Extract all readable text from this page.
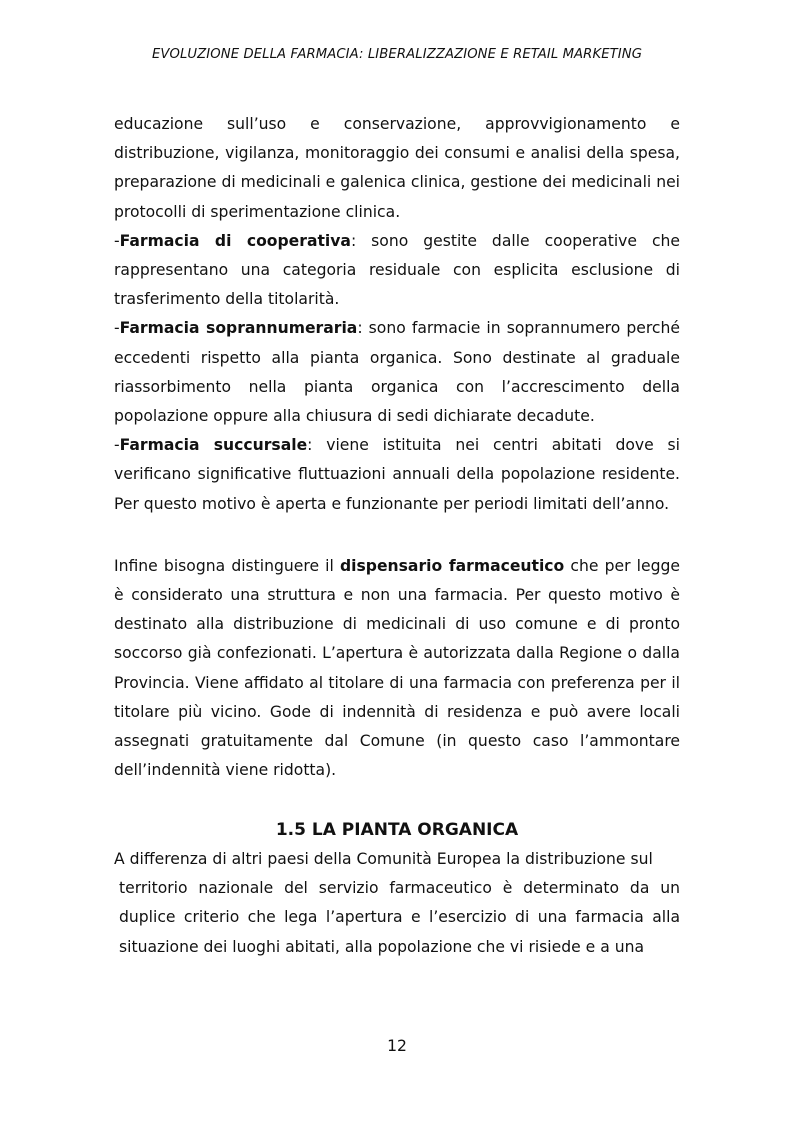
EVOLUZIONE DELLA FARMACIA: LIBERALIZZAZIONE E RETAIL MARKETING

educazione sull’uso e conservazione, approvvigionamento e distribuzione, vigilanza, monitoraggio dei consumi e analisi della spesa, preparazione di medicinali e galenica clinica, gestione dei medicinali nei protocolli di sperimentazione clinica.

-Farmacia di cooperativa: sono gestite dalle cooperative che rappresentano una categoria residuale con esplicita esclusione di trasferimento della titolarità.

-Farmacia soprannumeraria: sono farmacie in soprannumero perché eccedenti rispetto alla pianta organica. Sono destinate al graduale riassorbimento nella pianta organica con l’accrescimento della popolazione oppure alla chiusura di sedi dichiarate decadute.

-Farmacia succursale: viene istituita nei centri abitati dove si verificano significative fluttuazioni annuali della popolazione residente. Per questo motivo è aperta e funzionante per periodi limitati dell’anno.

Infine bisogna distinguere il dispensario farmaceutico che per legge è considerato una struttura e non una farmacia. Per questo motivo è destinato alla distribuzione di medicinali di uso comune e di pronto soccorso già confezionati. L’apertura è autorizzata dalla Regione o dalla Provincia. Viene affidato al titolare di una farmacia con preferenza per il titolare più vicino. Gode di indennità di residenza e può avere locali assegnati gratuitamente dal Comune (in questo caso l’ammontare dell’indennità viene ridotta).

1.5 LA PIANTA ORGANICA

A differenza di altri paesi della Comunità Europea la distribuzione sul

territorio nazionale del servizio farmaceutico è determinato da un duplice criterio che lega l’apertura e l’esercizio di una farmacia alla situazione dei luoghi abitati, alla popolazione che vi risiede e a una

12
